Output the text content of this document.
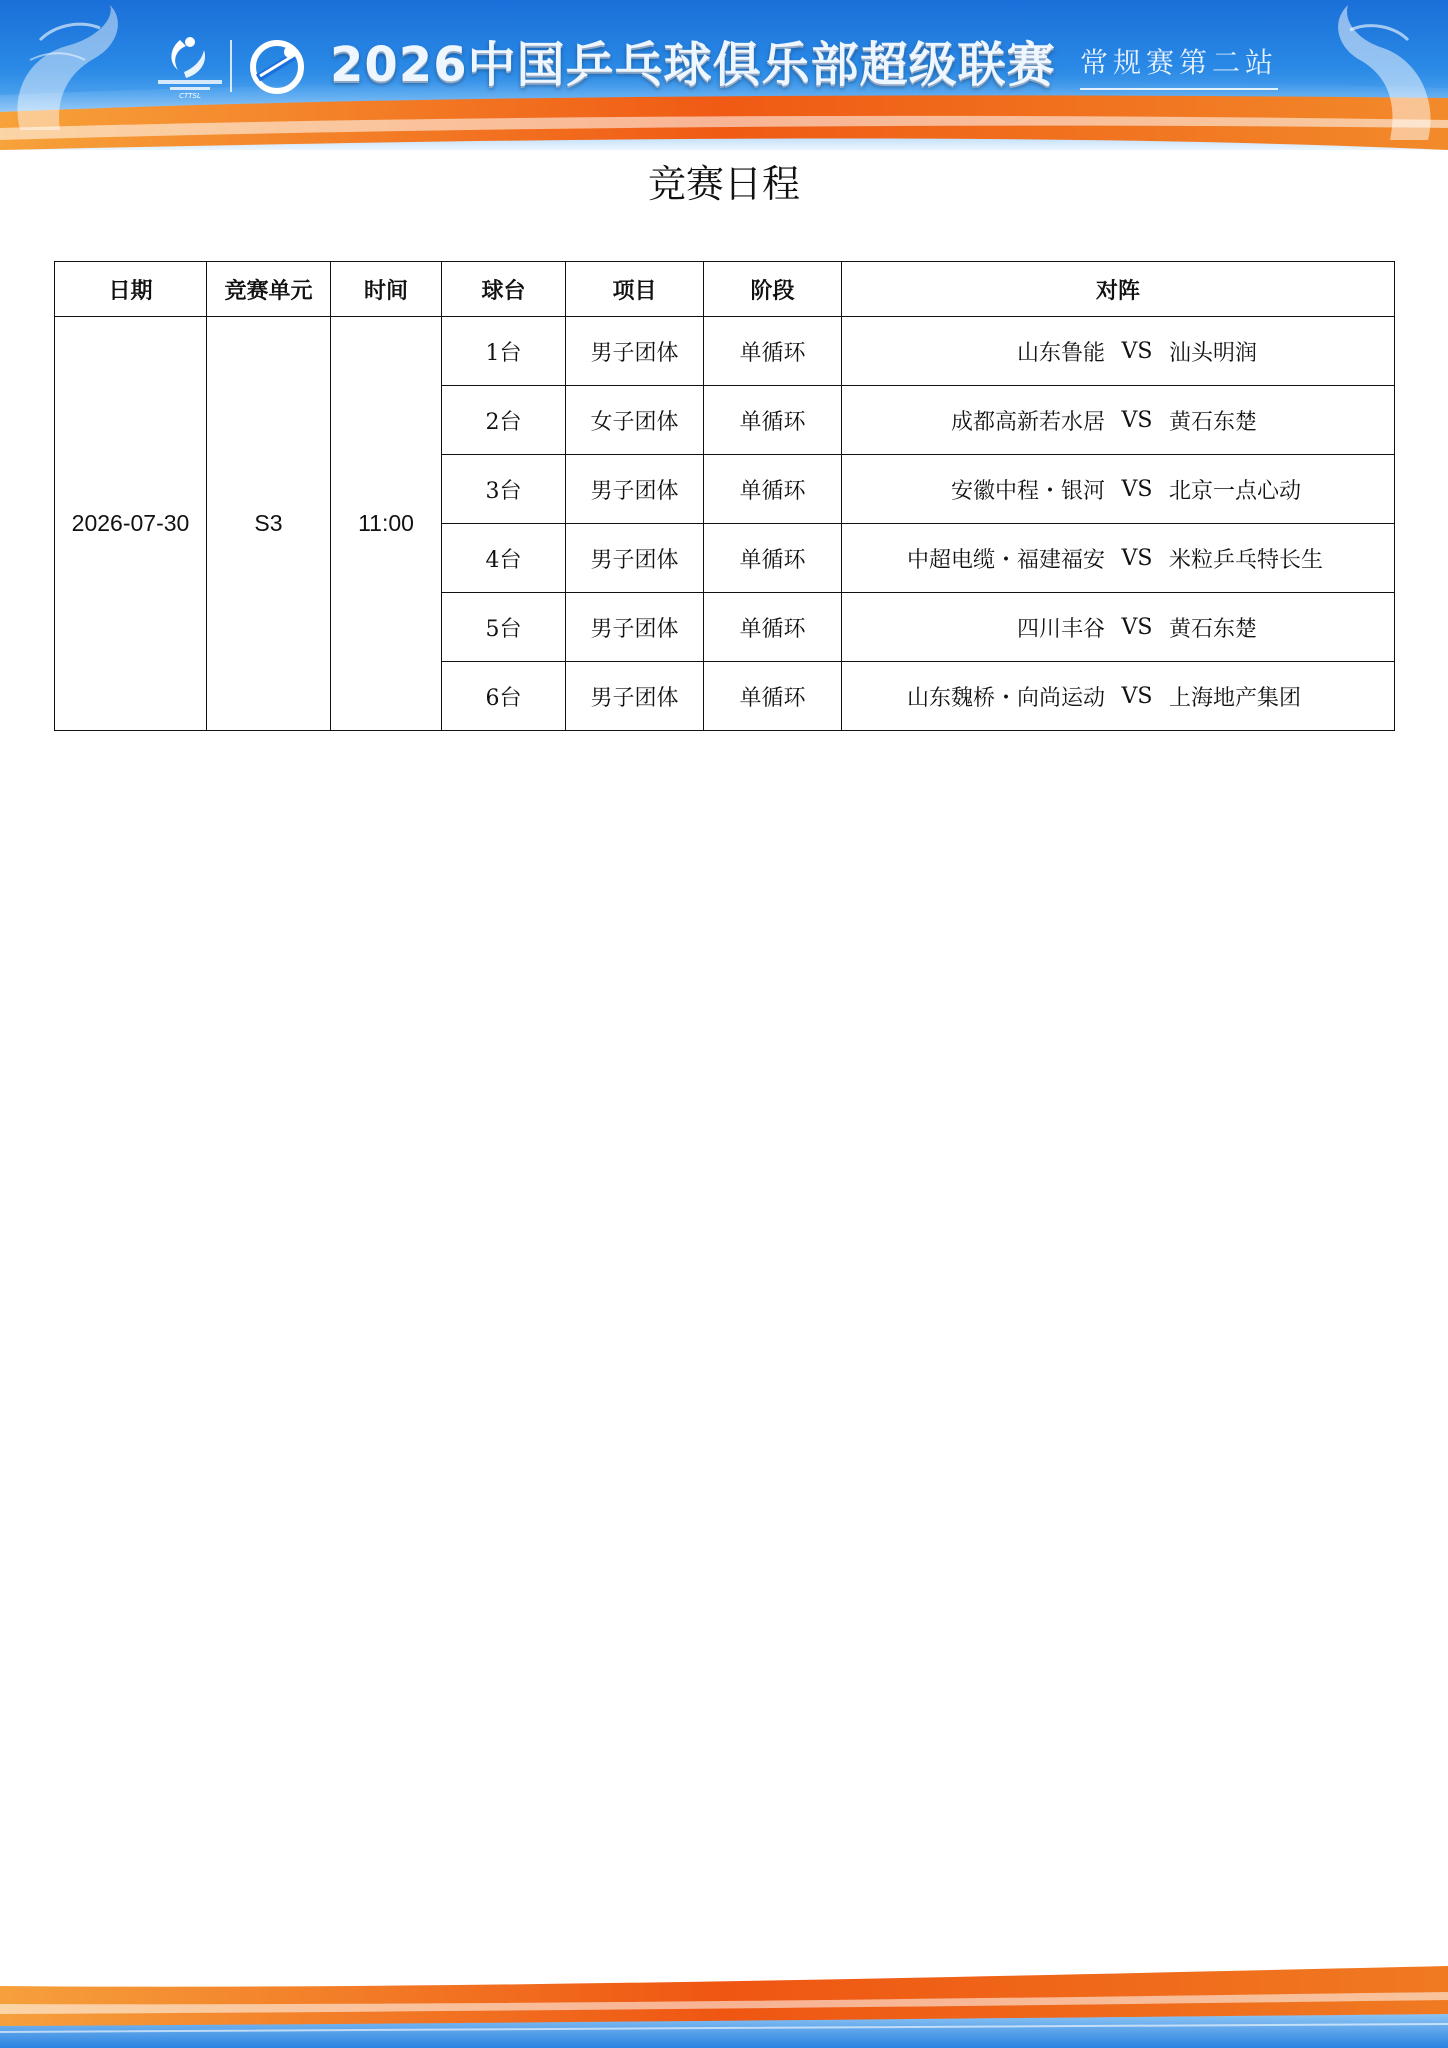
CTTSL
2026中国乒乓球俱乐部超级联赛 常规赛第二站
竞赛日程
日期	竞赛单元	时间	球台	项目	阶段	对阵
2026-07-30	S3	11:00	1台	男子团体	单循环	山东鲁能 VS 汕头明润

			2台	女子团体	单循环	成都高新若水居 VS 黄石东楚

			3台	男子团体	单循环	安徽中程・银河 VS 北京一点心动

			4台	男子团体	单循环	中超电缆・福建福安 VS 米粒乒乓特长生

			5台	男子团体	单循环	四川丰谷 VS 黄石东楚

			6台	男子团体	单循环	山东魏桥・向尚运动 VS 上海地产集团
